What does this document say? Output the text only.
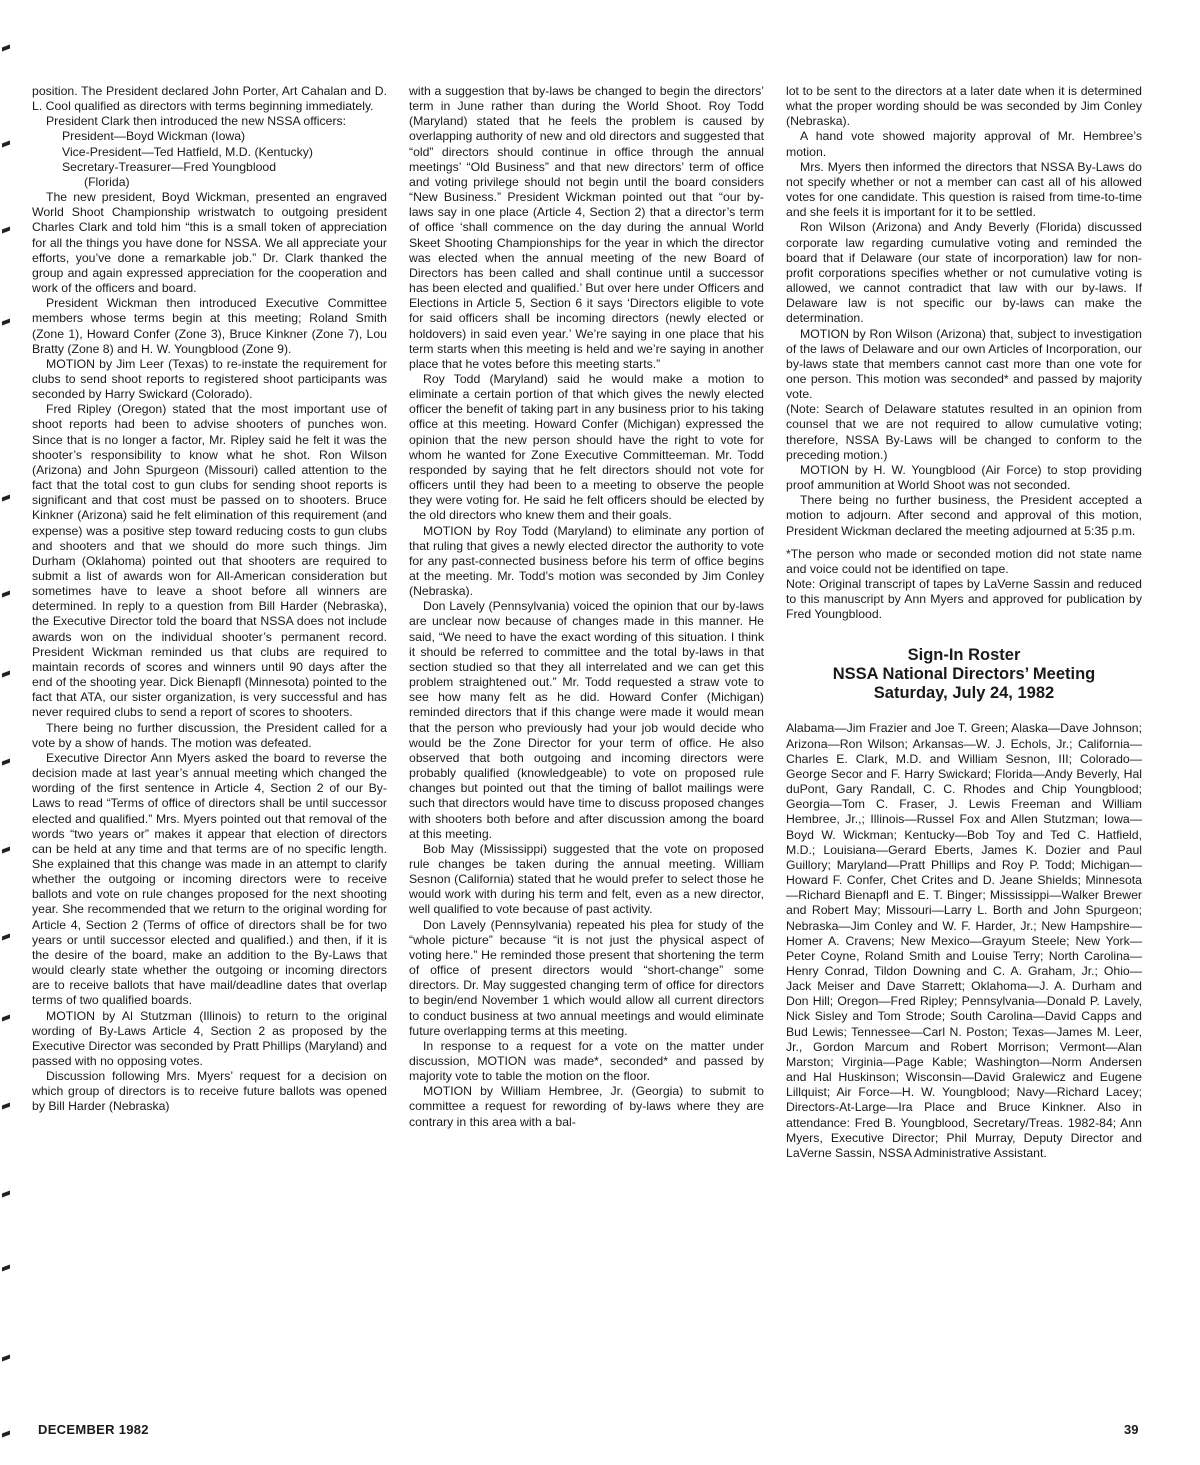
position. The President declared John Porter, Art Cahalan and D. L. Cool qualified as directors with terms beginning immediately.

President Clark then introduced the new NSSA officers:

President—Boyd Wickman (Iowa)
Vice-President—Ted Hatfield, M.D. (Kentucky)
Secretary-Treasurer—Fred Youngblood
(Florida)

The new president, Boyd Wickman, presented an engraved World Shoot Championship wristwatch to outgoing president Charles Clark and told him “this is a small token of appreciation for all the things you have done for NSSA. We all appreciate your efforts, you’ve done a remarkable job.” Dr. Clark thanked the group and again expressed appreciation for the cooperation and work of the officers and board.

President Wickman then introduced Executive Committee members whose terms begin at this meeting; Roland Smith (Zone 1), Howard Confer (Zone 3), Bruce Kinkner (Zone 7), Lou Bratty (Zone 8) and H. W. Youngblood (Zone 9).

MOTION by Jim Leer (Texas) to re-instate the requirement for clubs to send shoot reports to registered shoot participants was seconded by Harry Swickard (Colorado).

Fred Ripley (Oregon) stated that the most important use of shoot reports had been to advise shooters of punches won. Since that is no longer a factor, Mr. Ripley said he felt it was the shooter’s responsibility to know what he shot. Ron Wilson (Arizona) and John Spurgeon (Missouri) called attention to the fact that the total cost to gun clubs for sending shoot reports is significant and that cost must be passed on to shooters. Bruce Kinkner (Arizona) said he felt elimination of this requirement (and expense) was a positive step toward reducing costs to gun clubs and shooters and that we should do more such things. Jim Durham (Oklahoma) pointed out that shooters are required to submit a list of awards won for All-American consideration but sometimes have to leave a shoot before all winners are determined. In reply to a question from Bill Harder (Nebraska), the Executive Director told the board that NSSA does not include awards won on the individual shooter’s permanent record. President Wickman reminded us that clubs are required to maintain records of scores and winners until 90 days after the end of the shooting year. Dick Bienapfl (Minnesota) pointed to the fact that ATA, our sister organization, is very successful and has never required clubs to send a report of scores to shooters.

There being no further discussion, the President called for a vote by a show of hands. The motion was defeated.

Executive Director Ann Myers asked the board to reverse the decision made at last year’s annual meeting which changed the wording of the first sentence in Article 4, Section 2 of our By-Laws to read “Terms of office of directors shall be until successor elected and qualified.” Mrs. Myers pointed out that removal of the words “two years or” makes it appear that election of directors can be held at any time and that terms are of no specific length. She explained that this change was made in an attempt to clarify whether the outgoing or incoming directors were to receive ballots and vote on rule changes proposed for the next shooting year. She recommended that we return to the original wording for Article 4, Section 2 (Terms of office of directors shall be for two years or until successor elected and qualified.) and then, if it is the desire of the board, make an addition to the By-Laws that would clearly state whether the outgoing or incoming directors are to receive ballots that have mail/deadline dates that overlap terms of two qualified boards.

MOTION by Al Stutzman (Illinois) to return to the original wording of By-Laws Article 4, Section 2 as proposed by the Executive Director was seconded by Pratt Phillips (Maryland) and passed with no opposing votes.

Discussion following Mrs. Myers’ request for a decision on which group of directors is to receive future ballots was opened by Bill Harder (Nebraska)

with a suggestion that by-laws be changed to begin the directors’ term in June rather than during the World Shoot. Roy Todd (Maryland) stated that he feels the problem is caused by overlapping authority of new and old directors and suggested that “old” directors should continue in office through the annual meetings’ “Old Business” and that new directors’ term of office and voting privilege should not begin until the board considers “New Business.” President Wickman pointed out that “our by-laws say in one place (Article 4, Section 2) that a director’s term of office ‘shall commence on the day during the annual World Skeet Shooting Championships for the year in which the director was elected when the annual meeting of the new Board of Directors has been called and shall continue until a successor has been elected and qualified.’ But over here under Officers and Elections in Article 5, Section 6 it says ‘Directors eligible to vote for said officers shall be incoming directors (newly elected or holdovers) in said even year.’ We’re saying in one place that his term starts when this meeting is held and we’re saying in another place that he votes before this meeting starts.”

Roy Todd (Maryland) said he would make a motion to eliminate a certain portion of that which gives the newly elected officer the benefit of taking part in any business prior to his taking office at this meeting. Howard Confer (Michigan) expressed the opinion that the new person should have the right to vote for whom he wanted for Zone Executive Committeeman. Mr. Todd responded by saying that he felt directors should not vote for officers until they had been to a meeting to observe the people they were voting for. He said he felt officers should be elected by the old directors who knew them and their goals.

MOTION by Roy Todd (Maryland) to eliminate any portion of that ruling that gives a newly elected director the authority to vote for any past-connected business before his term of office begins at the meeting. Mr. Todd’s motion was seconded by Jim Conley (Nebraska).

Don Lavely (Pennsylvania) voiced the opinion that our by-laws are unclear now because of changes made in this manner. He said, “We need to have the exact wording of this situation. I think it should be referred to committee and the total by-laws in that section studied so that they all interrelated and we can get this problem straightened out.” Mr. Todd requested a straw vote to see how many felt as he did. Howard Confer (Michigan) reminded directors that if this change were made it would mean that the person who previously had your job would decide who would be the Zone Director for your term of office. He also observed that both outgoing and incoming directors were probably qualified (knowledgeable) to vote on proposed rule changes but pointed out that the timing of ballot mailings were such that directors would have time to discuss proposed changes with shooters both before and after discussion among the board at this meeting.

Bob May (Mississippi) suggested that the vote on proposed rule changes be taken during the annual meeting. William Sesnon (California) stated that he would prefer to select those he would work with during his term and felt, even as a new director, well qualified to vote because of past activity.

Don Lavely (Pennsylvania) repeated his plea for study of the “whole picture” because “it is not just the physical aspect of voting here.” He reminded those present that shortening the term of office of present directors would “short-change” some directors. Dr. May suggested changing term of office for directors to begin/end November 1 which would allow all current directors to conduct business at two annual meetings and would eliminate future overlapping terms at this meeting.

In response to a request for a vote on the matter under discussion, MOTION was made*, seconded* and passed by majority vote to table the motion on the floor.

MOTION by William Hembree, Jr. (Georgia) to submit to committee a request for rewording of by-laws where they are contrary in this area with a bal-

lot to be sent to the directors at a later date when it is determined what the proper wording should be was seconded by Jim Conley (Nebraska).

A hand vote showed majority approval of Mr. Hembree’s motion.

Mrs. Myers then informed the directors that NSSA By-Laws do not specify whether or not a member can cast all of his allowed votes for one candidate. This question is raised from time-to-time and she feels it is important for it to be settled.

Ron Wilson (Arizona) and Andy Beverly (Florida) discussed corporate law regarding cumulative voting and reminded the board that if Delaware (our state of incorporation) law for non-profit corporations specifies whether or not cumulative voting is allowed, we cannot contradict that law with our by-laws. If Delaware law is not specific our by-laws can make the determination.

MOTION by Ron Wilson (Arizona) that, subject to investigation of the laws of Delaware and our own Articles of Incorporation, our by-laws state that members cannot cast more than one vote for one person. This motion was seconded* and passed by majority vote.

(Note: Search of Delaware statutes resulted in an opinion from counsel that we are not required to allow cumulative voting; therefore, NSSA By-Laws will be changed to conform to the preceding motion.)

MOTION by H. W. Youngblood (Air Force) to stop providing proof ammunition at World Shoot was not seconded.

There being no further business, the President accepted a motion to adjourn. After second and approval of this motion, President Wickman declared the meeting adjourned at 5:35 p.m.

*The person who made or seconded motion did not state name and voice could not be identified on tape.

Note: Original transcript of tapes by LaVerne Sassin and reduced to this manuscript by Ann Myers and approved for publication by Fred Youngblood.

Sign-In Roster
NSSA National Directors’ Meeting
Saturday, July 24, 1982

Alabama—Jim Frazier and Joe T. Green; Alaska—Dave Johnson; Arizona—Ron Wilson; Arkansas—W. J. Echols, Jr.; California—Charles E. Clark, M.D. and William Sesnon, III; Colorado—George Secor and F. Harry Swickard; Florida—Andy Beverly, Hal duPont, Gary Randall, C. C. Rhodes and Chip Youngblood; Georgia—Tom C. Fraser, J. Lewis Freeman and William Hembree, Jr.,; Illinois—Russel Fox and Allen Stutzman; Iowa—Boyd W. Wickman; Kentucky—Bob Toy and Ted C. Hatfield, M.D.; Louisiana—Gerard Eberts, James K. Dozier and Paul Guillory; Maryland—Pratt Phillips and Roy P. Todd; Michigan—Howard F. Confer, Chet Crites and D. Jeane Shields; Minnesota—Richard Bienapfl and E. T. Binger; Mississippi—Walker Brewer and Robert May; Missouri—Larry L. Borth and John Spurgeon; Nebraska—Jim Conley and W. F. Harder, Jr.; New Hampshire—Homer A. Cravens; New Mexico—Grayum Steele; New York—Peter Coyne, Roland Smith and Louise Terry; North Carolina—Henry Conrad, Tildon Downing and C. A. Graham, Jr.; Ohio—Jack Meiser and Dave Starrett; Oklahoma—J. A. Durham and Don Hill; Oregon—Fred Ripley; Pennsylvania—Donald P. Lavely, Nick Sisley and Tom Strode; South Carolina—David Capps and Bud Lewis; Tennessee—Carl N. Poston; Texas—James M. Leer, Jr., Gordon Marcum and Robert Morrison; Vermont—Alan Marston; Virginia—Page Kable; Washington—Norm Andersen and Hal Huskinson; Wisconsin—David Gralewicz and Eugene Lillquist; Air Force—H. W. Youngblood; Navy—Richard Lacey; Directors-At-Large—Ira Place and Bruce Kinkner. Also in attendance: Fred B. Youngblood, Secretary/Treas. 1982-84; Ann Myers, Executive Director; Phil Murray, Deputy Director and LaVerne Sassin, NSSA Administrative Assistant.

DECEMBER 1982	39
